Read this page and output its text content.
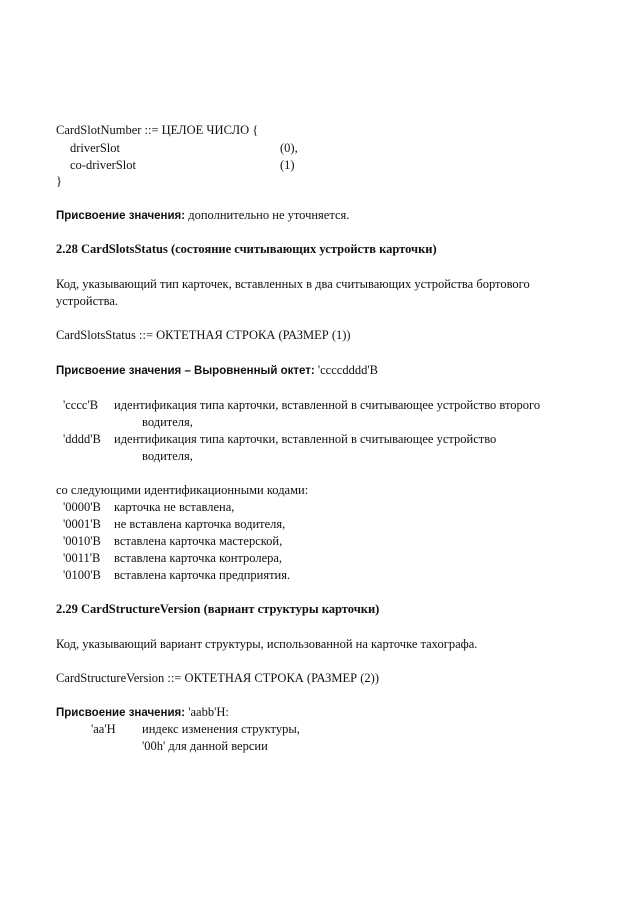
CardSlotNumber ::= ЦЕЛОЕ ЧИСЛО {
driverSlot	(0),
co-driverSlot	(1)
}
Присвоение значения: дополнительно не уточняется.
2.28 CardSlotsStatus (состояние считывающих устройств карточки)
Код, указывающий тип карточек, вставленных в два считывающих устройства бортового
устройства.
CardSlotsStatus ::= ОКТЕТНАЯ СТРОКА (РАЗМЕР (1))
Присвоение значения – Выровненный октет: 'ccccdddd'B
'cccc'B идентификация типа карточки, вставленной в считывающее устройство второго
водителя,
'dddd'B идентификация типа карточки, вставленной в считывающее устройство
водителя,
со следующими идентификационными кодами:
'0000'B карточка не вставлена,
'0001'B не вставлена карточка водителя,
'0010'B вставлена карточка мастерской,
'0011'B вставлена карточка контролера,
'0100'B вставлена карточка предприятия.
2.29 CardStructureVersion (вариант структуры карточки)
Код, указывающий вариант структуры, использованной на карточке тахографа.
CardStructureVersion ::= ОКТЕТНАЯ СТРОКА (РАЗМЕР (2))
Присвоение значения: 'aabb'H:
'aa'H индекс изменения структуры,
'00h' для данной версии
